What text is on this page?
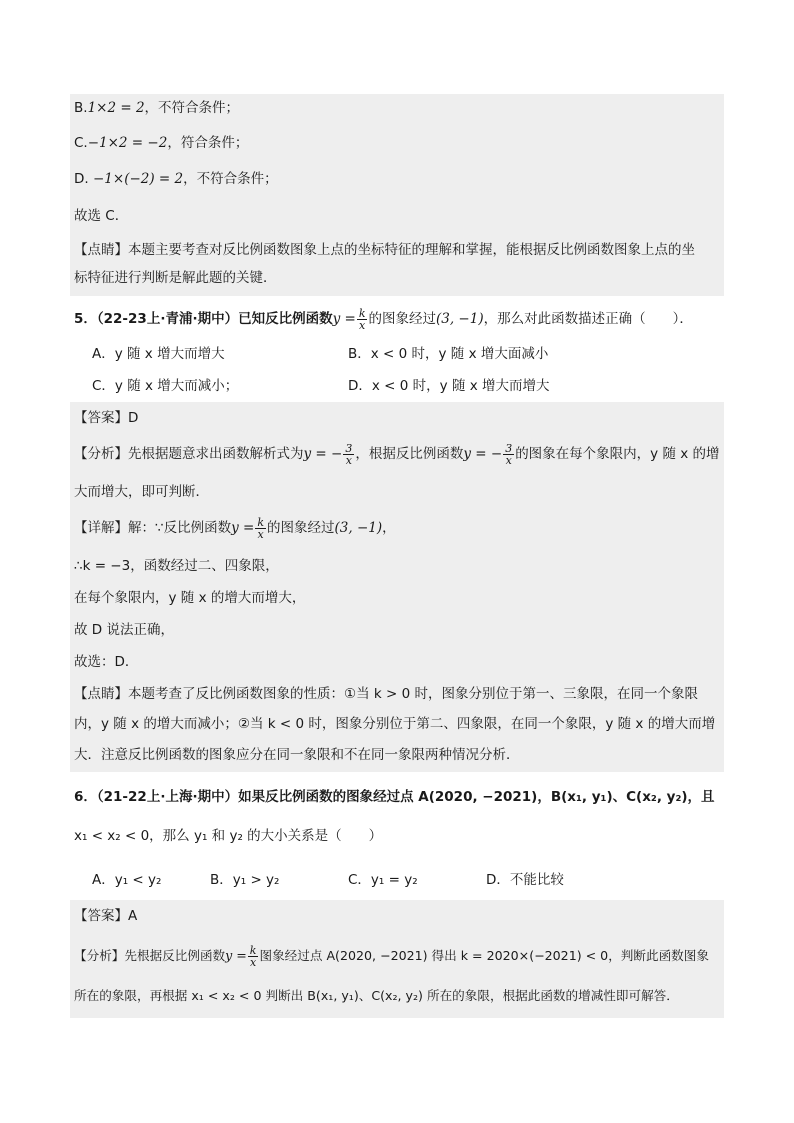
B.1×2 = 2，不符合条件；
C.−1×2 = −2，符合条件；
D. −1×(−2) = 2，不符合条件；
故选 C．
【点睛】本题主要考查对反比例函数图象上点的坐标特征的理解和掌握，能根据反比例函数图象上点的坐
标特征进行判断是解此题的关键．
5．（22-23上·青浦·期中）已知反比例函数$y = \frac{k}{x}$ 的图象经过(3, −1)，那么对此函数描述正确（　　）．
A．y 随 x 增大而增大	B．x < 0 时，y 随 x 增大面减小
C．y 随 x 增大而减小；	D．x < 0 时，y 随 x 增大而增大
【答案】D
【分析】先根据题意求出函数解析式为y = − $\frac{3}{x}$ ，根据反比例函数y = − $\frac{3}{x}$ 的图象在每个象限内，y 随 x 的增
大而增大，即可判断．
【详解】解：∵反比例函数$y = \frac{k}{x}$ 的图象经过(3, −1)，
∴k = −3，函数经过二、四象限，
在每个象限内，y 随 x 的增大而增大，
故 D 说法正确，
故选：D．
【点睛】本题考查了反比例函数图象的性质：①当 k > 0 时，图象分别位于第一、三象限，在同一个象限
内，y 随 x 的增大而减小；②当 k < 0 时，图象分别位于第二、四象限，在同一个象限，y 随 x 的增大而增
大．注意反比例函数的图象应分在同一象限和不在同一象限两种情况分析．
6．（21-22上·上海·期中）如果反比例函数的图象经过点 A(2020, −2021)，B(x₁, y₁)、C(x₂, y₂)，且
x₁ < x₂ < 0，那么 y₁ 和 y₂ 的大小关系是（　　）
A．y₁ < y₂	B．y₁ > y₂	C．y₁ = y₂	D．不能比较
【答案】A
【分析】先根据反比例函数$y = \frac{k}{x}$ 图象经过点 A(2020, −2021) 得出 k = 2020×(−2021) < 0，判断此函数图象
所在的象限，再根据 x₁ < x₂ < 0 判断出 B(x₁, y₁)、C(x₂, y₂) 所在的象限，根据此函数的增减性即可解答．
